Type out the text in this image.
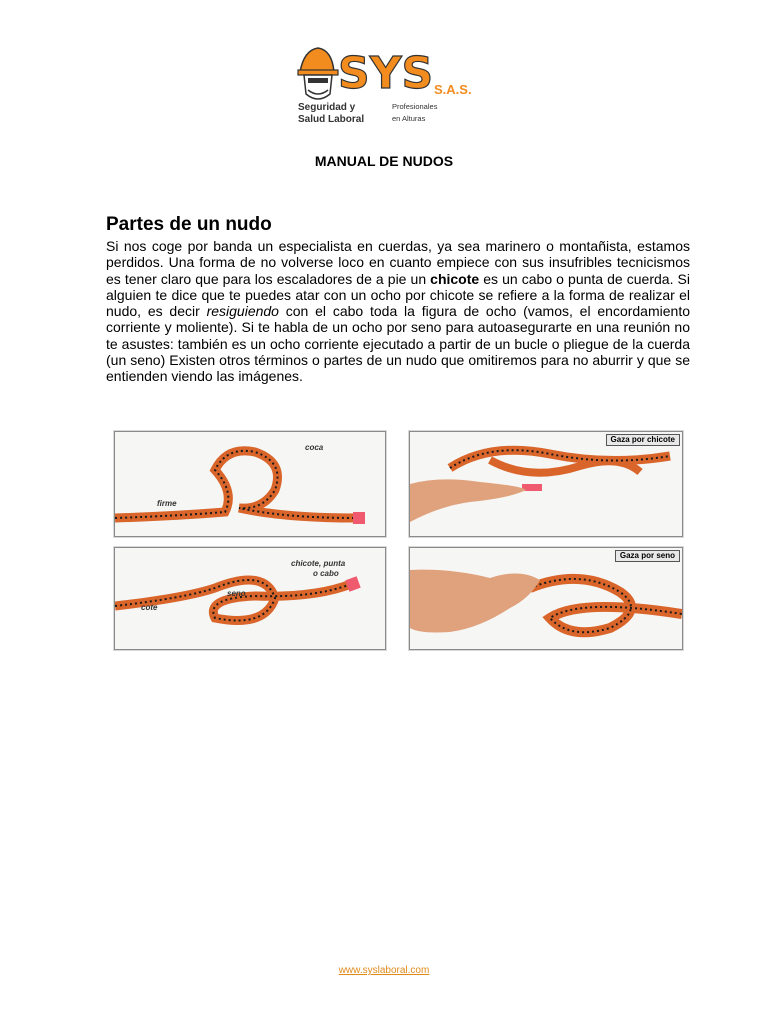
SYS S.A.S.
Seguridad y
Salud Laboral
Profesionales
en Alturas
MANUAL DE NUDOS
Partes de un nudo

Si nos coge por banda un especialista en cuerdas, ya sea marinero o montañista, estamos perdidos. Una forma de no volverse loco en cuanto empiece con sus insufribles tecnicismos es tener claro que para los escaladores de a pie un chicote es un cabo o punta de cuerda. Si alguien te dice que te puedes atar con un ocho por chicote se refiere a la forma de realizar el nudo, es decir resiguiendo con el cabo toda la figura de ocho (vamos, el encordamiento corriente y moliente). Si te habla de un ocho por seno para autoasegurarte en una reunión no te asustes: también es un ocho corriente ejecutado a partir de un bucle o pliegue de la cuerda (un seno) Existen otros términos o partes de un nudo que omitiremos para no aburrir y que se entienden viendo las imágenes.

coca
firme
Gaza por chicote
chicote, punta
o cabo
seno
cote
Gaza por seno
www.syslaboral.com
